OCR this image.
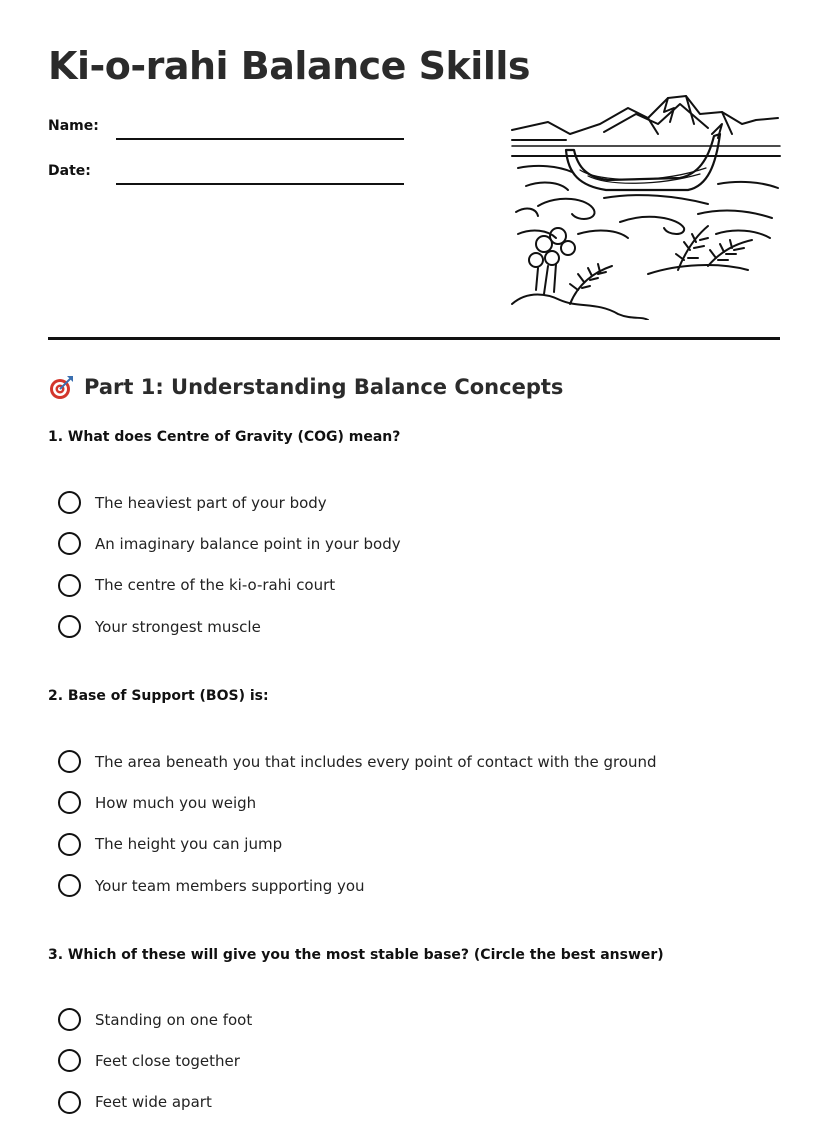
Ki-o-rahi Balance Skills
Name:
Date:
Part 1: Understanding Balance Concepts

1. What does Centre of Gravity (COG) mean?

The heaviest part of your body
An imaginary balance point in your body
The centre of the ki-o-rahi court
Your strongest muscle

2. Base of Support (BOS) is:

The area beneath you that includes every point of contact with the ground
How much you weigh
The height you can jump
Your team members supporting you

3. Which of these will give you the most stable base? (Circle the best answer)

Standing on one foot
Feet close together
Feet wide apart
